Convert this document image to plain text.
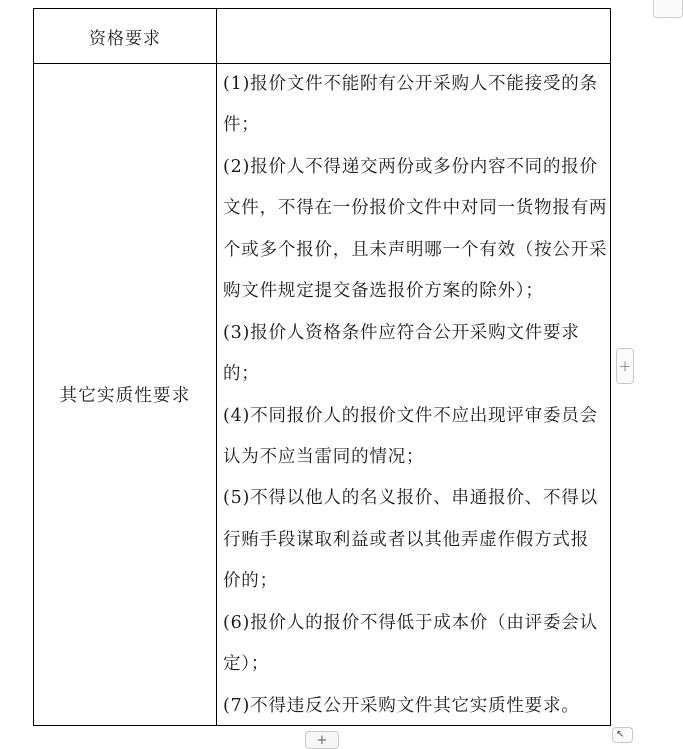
资格要求
其它实质性要求
(1)报价文件不能附有公开采购人不能接受的条
件；
(2)报价人不得递交两份或多份内容不同的报价
文件，不得在一份报价文件中对同一货物报有两
个或多个报价，且未声明哪一个有效（按公开采
购文件规定提交备选报价方案的除外）；
(3)报价人资格条件应符合公开采购文件要求
的；
(4)不同报价人的报价文件不应出现评审委员会
认为不应当雷同的情况；
(5)不得以他人的名义报价、串通报价、不得以
行贿手段谋取利益或者以其他弄虚作假方式报
价的；
(6)报价人的报价不得低于成本价（由评委会认
定）；
(7)不得违反公开采购文件其它实质性要求。
+
+	↖
